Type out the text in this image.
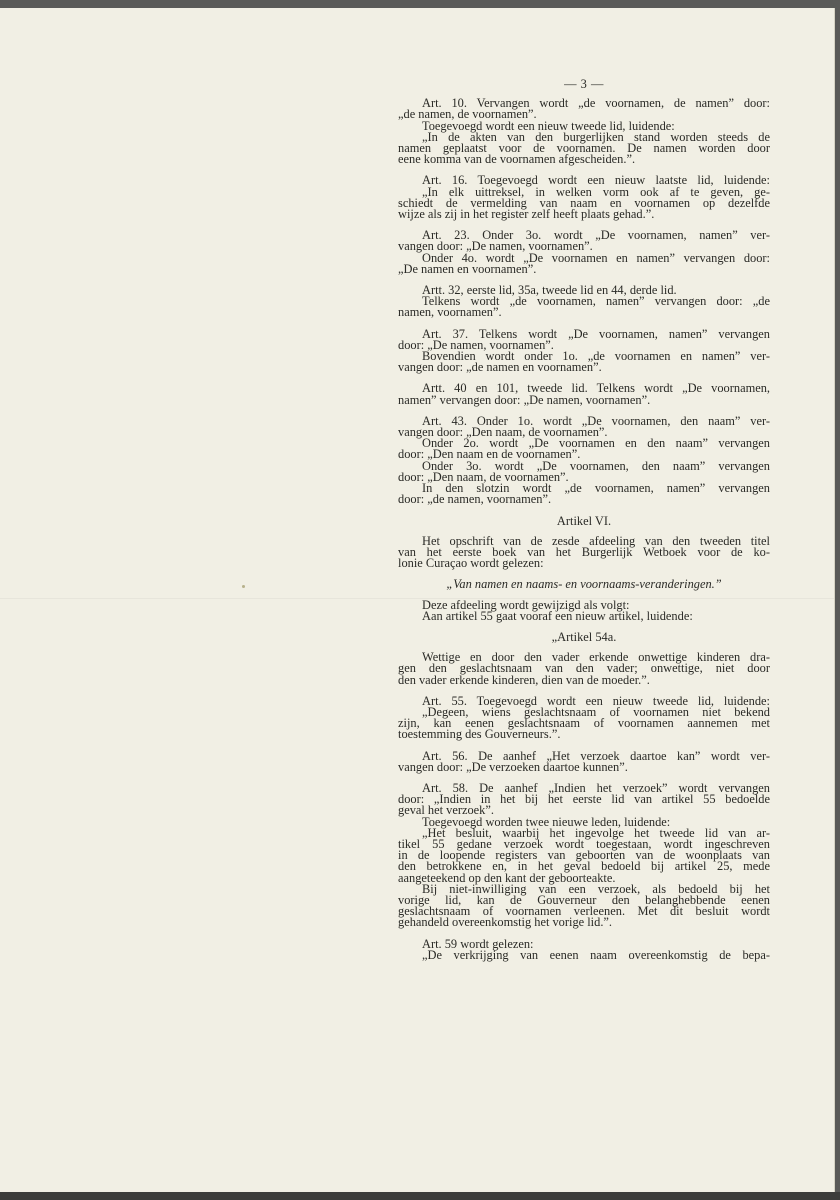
— 3 —
Art. 10. Vervangen wordt „de voornamen, de namen” door:
„de namen, de voornamen”.
Toegevoegd wordt een nieuw tweede lid, luidende:
„In de akten van den burgerlijken stand worden steeds de
namen geplaatst voor de voornamen. De namen worden door
eene komma van de voornamen afgescheiden.”.
Art. 16. Toegevoegd wordt een nieuw laatste lid, luidende:
„In elk uittreksel, in welken vorm ook af te geven, ge-
schiedt de vermelding van naam en voornamen op dezelfde
wijze als zij in het register zelf heeft plaats gehad.”.
Art. 23. Onder 3o. wordt „De voornamen, namen” ver-
vangen door: „De namen, voornamen”.
Onder 4o. wordt „De voornamen en namen” vervangen door:
„De namen en voornamen”.
Artt. 32, eerste lid, 35a, tweede lid en 44, derde lid.
Telkens wordt „de voornamen, namen” vervangen door: „de
namen, voornamen”.
Art. 37. Telkens wordt „De voornamen, namen” vervangen
door: „De namen, voornamen”.
Bovendien wordt onder 1o. „de voornamen en namen” ver-
vangen door: „de namen en voornamen”.
Artt. 40 en 101, tweede lid. Telkens wordt „De voornamen,
namen” vervangen door: „De namen, voornamen”.
Art. 43. Onder 1o. wordt „De voornamen, den naam” ver-
vangen door: „Den naam, de voornamen”.
Onder 2o. wordt „De voornamen en den naam” vervangen
door: „Den naam en de voornamen”.
Onder 3o. wordt „De voornamen, den naam” vervangen
door: „Den naam, de voornamen”.
In den slotzin wordt „de voornamen, namen” vervangen
door: „de namen, voornamen”.
Artikel VI.
Het opschrift van de zesde afdeeling van den tweeden titel
van het eerste boek van het Burgerlijk Wetboek voor de ko-
lonie Curaçao wordt gelezen:
„Van namen en naams- en voornaams-veranderingen.”
Deze afdeeling wordt gewijzigd als volgt:
Aan artikel 55 gaat vooraf een nieuw artikel, luidende:
„Artikel 54a.
Wettige en door den vader erkende onwettige kinderen dra-
gen den geslachtsnaam van den vader; onwettige, niet door
den vader erkende kinderen, dien van de moeder.”.
Art. 55. Toegevoegd wordt een nieuw tweede lid, luidende:
„Degeen, wiens geslachtsnaam of voornamen niet bekend
zijn, kan eenen geslachtsnaam of voornamen aannemen met
toestemming des Gouverneurs.”.
Art. 56. De aanhef „Het verzoek daartoe kan” wordt ver-
vangen door: „De verzoeken daartoe kunnen”.
Art. 58. De aanhef „Indien het verzoek” wordt vervangen
door: „Indien in het bij het eerste lid van artikel 55 bedoelde
geval het verzoek”.
Toegevoegd worden twee nieuwe leden, luidende:
„Het besluit, waarbij het ingevolge het tweede lid van ar-
tikel 55 gedane verzoek wordt toegestaan, wordt ingeschreven
in de loopende registers van geboorten van de woonplaats van
den betrokkene en, in het geval bedoeld bij artikel 25, mede
aangeteekend op den kant der geboorteakte.
Bij niet-inwilliging van een verzoek, als bedoeld bij het
vorige lid, kan de Gouverneur den belanghebbende eenen
geslachtsnaam of voornamen verleenen. Met dit besluit wordt
gehandeld overeenkomstig het vorige lid.”.
Art. 59 wordt gelezen:
„De verkrijging van eenen naam overeenkomstig de bepa-
